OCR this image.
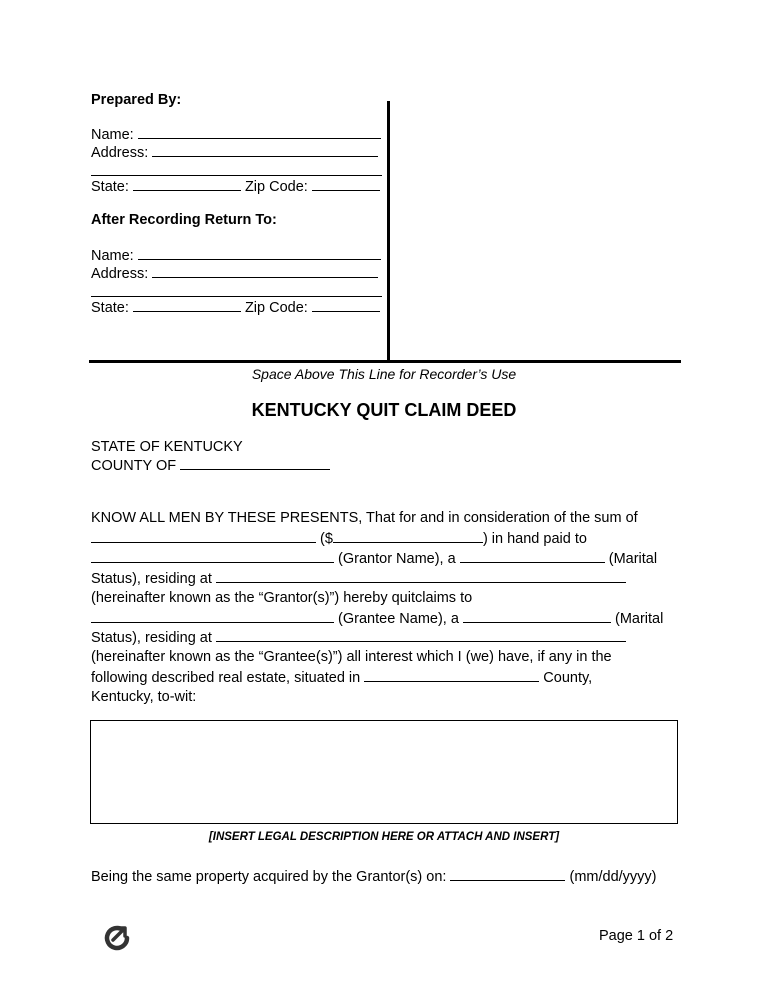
Prepared By:
Name:
Address:
State:	Zip Code:
After Recording Return To:
Name:
Address:
State:	Zip Code:
Space Above This Line for Recorder’s Use
KENTUCKY QUIT CLAIM DEED
STATE OF KENTUCKY
COUNTY OF
KNOW ALL MEN BY THESE PRESENTS, That for and in consideration of the sum of
($	) in hand paid to
(Grantor Name), a	(Marital
Status), residing at
(hereinafter known as the “Grantor(s)”) hereby quitclaims to
(Grantee Name), a	(Marital
Status), residing at
(hereinafter known as the “Grantee(s)”) all interest which I (we) have, if any in the
following described real estate, situated in	County,
Kentucky, to-wit:
[INSERT LEGAL DESCRIPTION HERE OR ATTACH AND INSERT]
Being the same property acquired by the Grantor(s) on:	(mm/dd/yyyy)
Page 1 of 2
